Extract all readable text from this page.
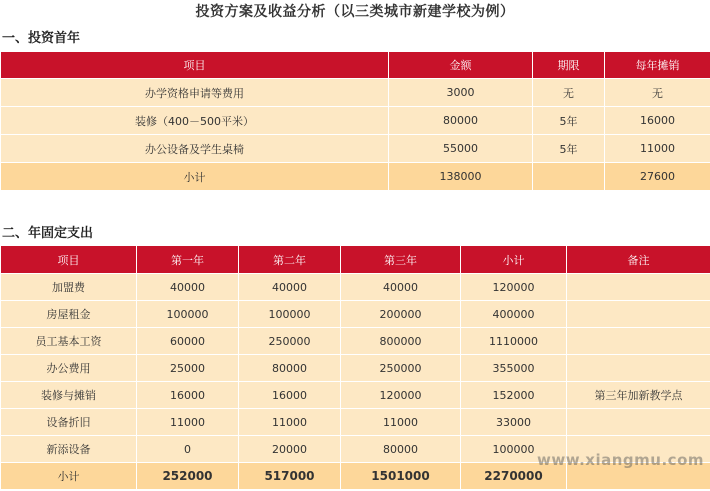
投资方案及收益分析（以三类城市新建学校为例）
一、投资首年
项目	金额	期限	每年摊销
办学资格申请等费用	3000	无	无
装修（400－500平米）	80000	5年	16000
办公设备及学生桌椅	55000	5年	11000
小计	138000		27600
二、年固定支出
项目	第一年	第二年	第三年	小计	备注
加盟费	40000	40000	40000	120000	
房屋租金	100000	100000	200000	400000	
员工基本工资	60000	250000	800000	1110000	
办公费用	25000	80000	250000	355000	
装修与摊销	16000	16000	120000	152000	第三年加新教学点
设备折旧	11000	11000	11000	33000	
新添设备	0	20000	80000	100000	
小计	252000	517000	1501000	2270000	
www.xiangmu.com
